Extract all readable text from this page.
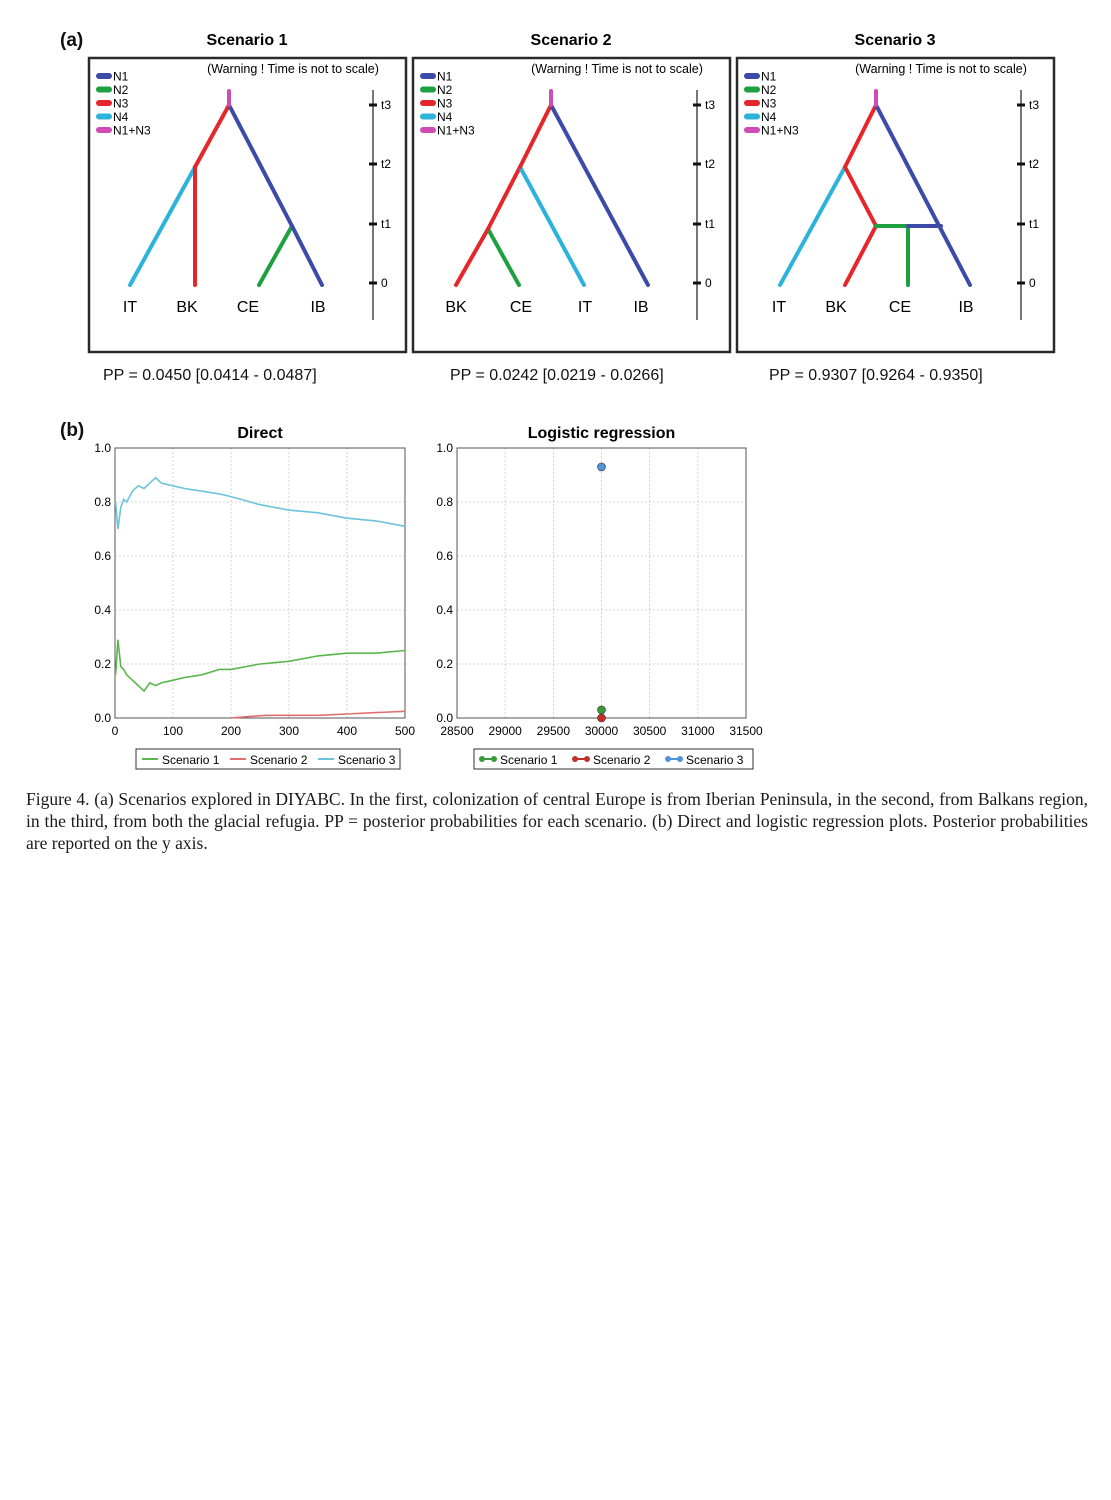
Scenario 1
(Warning ! Time is not to scale)
N1
N2
N3
N4
N1+N3
t3
t2
t1
0
IT BK CE	IB
Scenario 2
(Warning ! Time is not to scale)
N1
N2
N3
N4
N1+N3
t3
t2
t1
0
BK	CE	IT	IB
Scenario 3
(Warning ! Time is not to scale)
N1
N2
N3
N4
N1+N3
t3
t2
t1
0
IT BK	CE	IB
Direct
0	100	200	300	400	500
0.0
0.2
0.4
0.6
0.8
1.0
Scenario 1	Scenario 2	Scenario 3
Logistic regression
28500 29000 29500 30000 30500 31000 31500
0.0
0.2
0.4
0.6
0.8
1.0
Scenario 1	Scenario 2	Scenario 3
(a)
(b)
PP = 0.0450 [0.0414 - 0.0487]	PP = 0.0242 [0.0219 - 0.0266]	PP = 0.9307 [0.9264 - 0.9350]
Figure 4. (a) Scenarios explored in DIYABC. In the first, colonization of central Europe is from Iberian Peninsula, in the second, from Balkans region, in the third, from both the glacial refugia. PP = posterior probabilities for each scenario. (b) Direct and logistic regression plots. Posterior probabilities are reported on the y axis.
